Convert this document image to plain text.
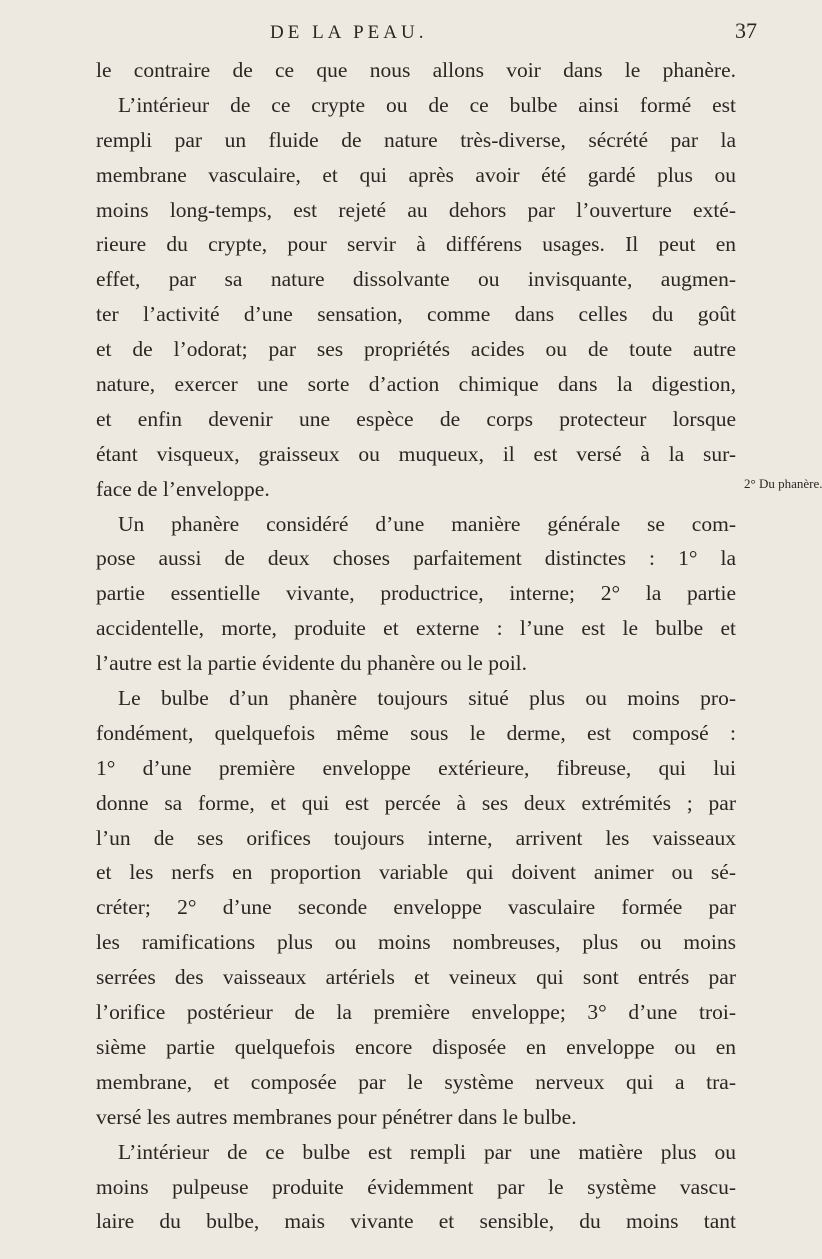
DE LA PEAU.	37
le contraire de ce que nous allons voir dans le phanère.
L’intérieur de ce crypte ou de ce bulbe ainsi formé est
rempli par un fluide de nature très-diverse, sécrété par la
membrane vasculaire, et qui après avoir été gardé plus ou
moins long-temps, est rejeté au dehors par l’ouverture exté-
rieure du crypte, pour servir à différens usages. Il peut en
effet, par sa nature dissolvante ou invisquante, augmen-
ter l’activité d’une sensation, comme dans celles du goût
et de l’odorat; par ses propriétés acides ou de toute autre
nature, exercer une sorte d’action chimique dans la digestion,
et enfin devenir une espèce de corps protecteur lorsque
étant visqueux, graisseux ou muqueux, il est versé à la sur-
face de l’enveloppe.
Un phanère considéré d’une manière générale se com-
pose aussi de deux choses parfaitement distinctes : 1° la
partie essentielle vivante, productrice, interne; 2° la partie
accidentelle, morte, produite et externe : l’une est le bulbe et
l’autre est la partie évidente du phanère ou le poil.
Le bulbe d’un phanère toujours situé plus ou moins pro-
fondément, quelquefois même sous le derme, est composé :
1° d’une première enveloppe extérieure, fibreuse, qui lui
donne sa forme, et qui est percée à ses deux extrémités ; par
l’un de ses orifices toujours interne, arrivent les vaisseaux
et les nerfs en proportion variable qui doivent animer ou sé-
créter; 2° d’une seconde enveloppe vasculaire formée par
les ramifications plus ou moins nombreuses, plus ou moins
serrées des vaisseaux artériels et veineux qui sont entrés par
l’orifice postérieur de la première enveloppe; 3° d’une troi-
sième partie quelquefois encore disposée en enveloppe ou en
membrane, et composée par le système nerveux qui a tra-
versé les autres membranes pour pénétrer dans le bulbe.
L’intérieur de ce bulbe est rempli par une matière plus ou
moins pulpeuse produite évidemment par le système vascu-
laire du bulbe, mais vivante et sensible, du moins tant
2° Du phanère.
